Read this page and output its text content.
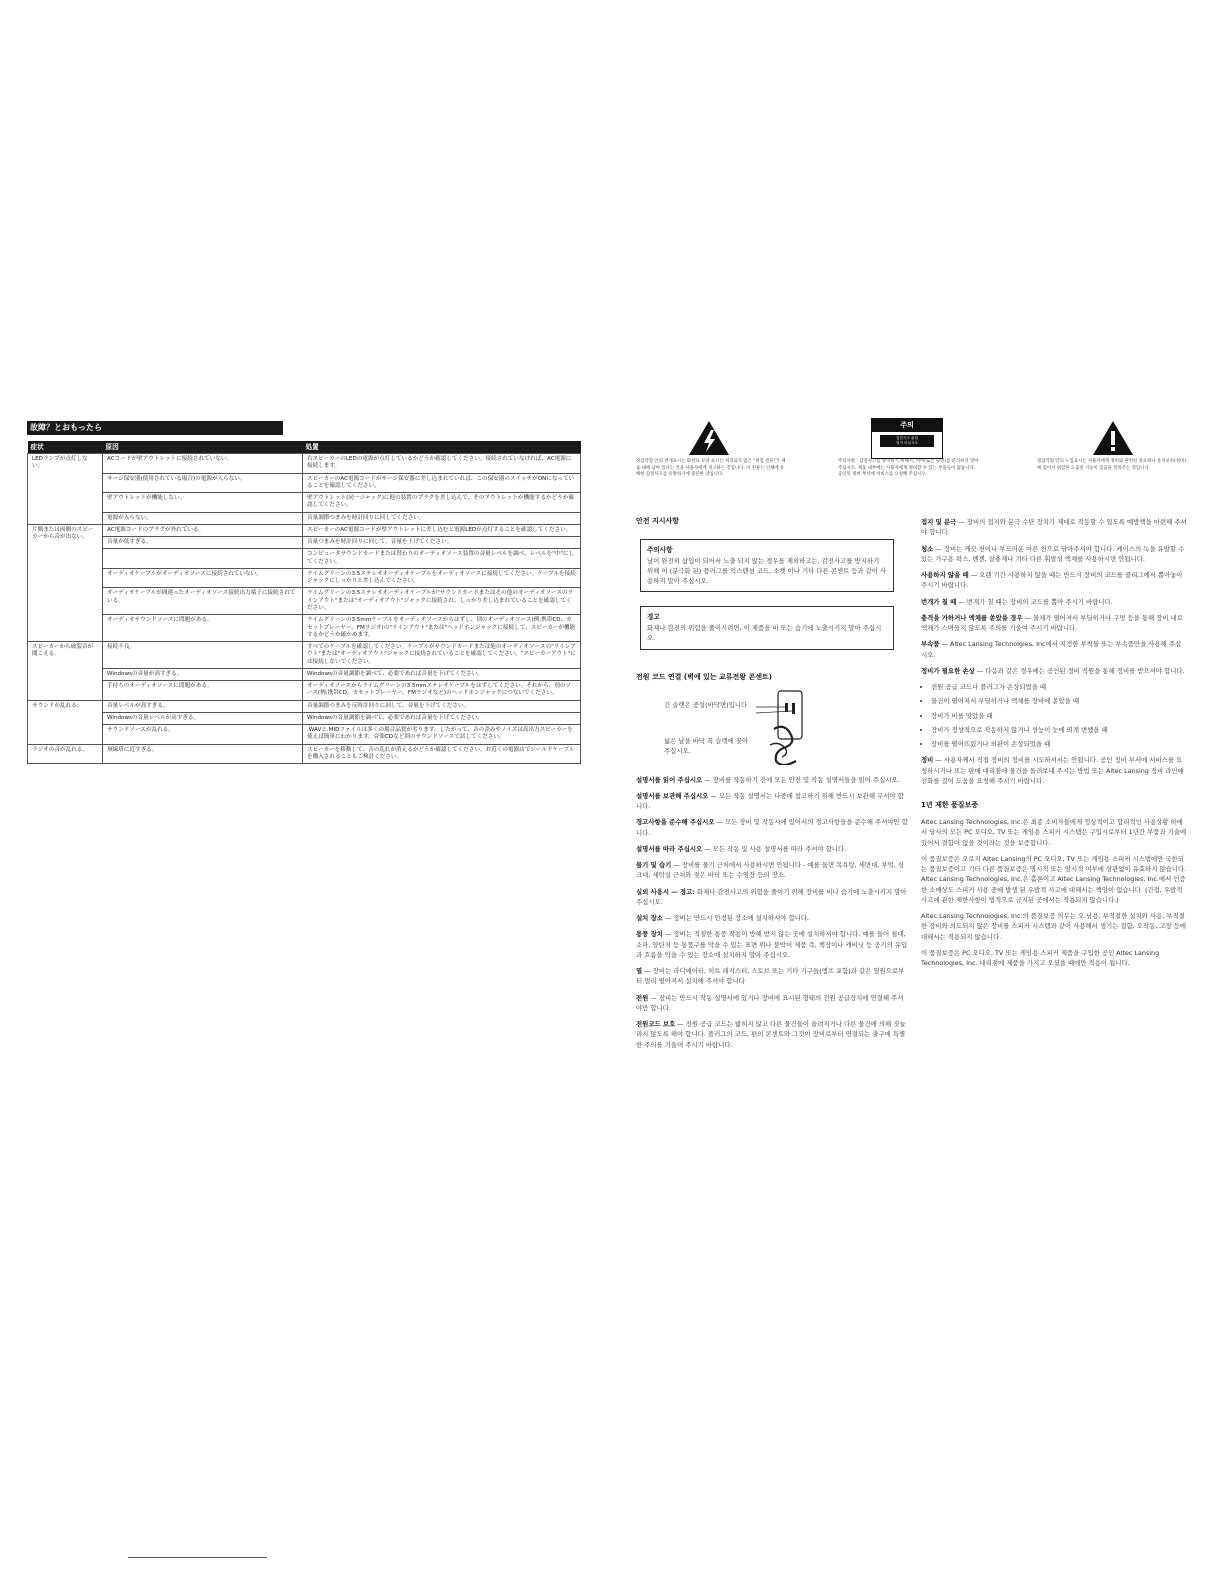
故障？とおもったら
症状	原因	処置
LEDランプが点灯しない。	ACコードが壁アウトレットに接続されていない。	右スピーカーのLEDの電源が点灯しているかどうか確認してください。接続されていなければ、AC電源に接続します。
	サージ保安器(使用されている場合)の電源が入らない。	スピーカーのAC電源コードがサージ保安器に差し込まれていれば、この保安器のスイッチがONになっていることを確認してください。
	壁アウトレットが機能しない。	壁アウトレット(同一ジャック)に他の装置のプラグを差し込んで、そのアウトレットが機能するかどうか確認してください。
	電源が入らない。	音量調節つまみを時計回りに回してください。
片側または両側のスピーカーから音が出ない。	AC電源コードのプラグが外れている。	スピーカーのAC電源コードが壁アウトレットに差し込むと電源LEDが点灯することを確認してください。
	音量が低すぎる。	音量つまみを時計回りに回して、音量を上げてください。
		コンピュータサウンドカードまたは替わりのオーディオソース装置の音量レベルを調べ、レベルを"中"にしてください。
	オーディオケーブルがオーディオソースに接続されていない。	ライムグリーンの3.5ステレオオーディオケーブルをオーディオソースに接続してください。ケーブルを接続ジャックにしっかりと差し込んでください。
	オーディオケーブルが間違ったオーディオソース接続出力端子に接続されている。	ライムグリーンの3.5ステレオオーディオケーブルが"サウンドカードまたはその他のオーディオソースのラインアウト"または"オーディオアウト"ジャックに接続され、しっかり差し込まれていることを確認してください。
	オーディオサウンドソースに問題がある。	ライムグリーンの3.5mmケーブルをオーディオソースからはずし、別のオーディオソース(例:携帯CD、カセットプレーヤー、FMラジオ)の"ラインアウト"または"ヘッドホンジャックに接続して、スピーカーが機能するかどうか確かめます。
スピーカーから破裂音が聞こえる。	接続不良。	すべてのケーブルを確認してください。ケーブルがサウンドカードまたは他のオーディオソースの"ラインアウト"または"オーディオアウト"ジャックに接続されていることを確認してください。"スピーカーアウト"には接続しないでください。
	Windowsの音量が高すぎる。	Windowsの音量調節を調べて、必要であれば音量を下げてください。
	手持ちのオーディオソースに問題がある。	オーディオソースからライムグリーンの3.5mmステレオケーブルをはずしてください。それから、別のソース(例:携帯CD、カセットプレーヤー、FMラジオなど)のヘッドホンジャックにつないでください。
サウンドが乱れる。	音量レベルが高すぎる。	音量調節つまみを反時計回りに回して、音量を下げてください。
	Windowsの音量レベルが高すぎる。	Windowsの音量調節を調べて、必要であれば音量を下げてください。
	サウンドソースが乱れる。	.WAVと.MIDファイルは多くの場合品質が劣ります。したがって、音の歪みやノイズは高出力スピーカーを使えば簡単にわかります。音楽CDなど別のサウンドソースで試してください。
ラジオの音が乱れる。	無線塔に近すぎる。	スピーカーを移動して、音の乱れが消えるかどうか確認してください。お近くの電器店でシールドケーブルを購入されることもご検討ください。
정삼각형 안의 번개표시는 화살표 모양 표시는 처리되지 않은 "위험 전류"가 제품 내에 남아 있다는 것을 사용자에게 경고하는 것입니다. 이 전류는 인체에 유해한 감전사고를 유발하기에 충분한 양입니다.
주의
감전사고 위험
열지 마십시오
주의사항 : 감전사고를 방지하기 위해서, 커버(또는 뒷면)를 분리하지 말아 주십시오. 제품 내부에는 사용자에게 정비할 수 있는 부품들이 없습니다. 공인된 정비 부서에 서비스를 요청해 주십시오.
정삼각형 안의 느낌표시는 사용자에게 정비와 관련된 중요하나 유지보수(정비)에 있어서 위험한 도움말 기능이 있음을 알려주는 것입니다.
안전 지시사항
주의사항
날이 완전히 삽입이 되어서 노출 되지 않는 경우를 제외하고는, 감전사고를 방지하기 위해 이 (분극화 된) 플러그를 익스텐션 코드, 소켓 이나 기타 다른 콘센트 등과 같이 사용하지 말아 주십시오.
경고
화재나 감전의 위험을 줄이시려면, 이 제품을 비 또는 습기에 노출시키지 말아 주십시오.
전원 코드 연결 (벽에 있는 교류전왕 콘센트)
긴 슬랫은 중성(바닥면)입니다
넓은 날을 바닥 폭 슬랫에 꽂아 주십시오.
설명서를 읽어 주십시오 — 장비를 작동하기 전에 모든 안전 및 작동 설명서들을 읽어 주십시오.
설명서를 보관해 주십시오 — 모든 작동 설명서는 나중에 참고하기 위해 반드시 보관해 두셔야 합니다.
경고사항을 준수해 주십시오 — 모든 장비 및 작동시에 있어서의 경고사항들을 준수해 주셔야만 합니다.
설명서를 따라 주십시오 — 모든 작동 및 사용 설명서를 따라 주셔야 합니다.
물기 및 습기 — 장비를 물기 근처에서 사용하시면 안됩니다 - 예를 들면 목욕탕, 세면대, 부엌, 싱크대, 세탁실 근처와 젖은 바닥 또는 수영장 등의 장소.
실외 사용시 — 경고: 화재나 감전사고의 위험을 줄이기 위해 장비를 비나 습기에 노출시키지 말아 주십시오.
설치 장소 — 장비는 반드시 안정된 장소에 설치하셔야 합니다.
통풍 장치 — 장비는 적절한 통풍 작용이 방해 받지 않는 곳에 설치하셔야 합니다. 예를 들어 침대, 소파, 양탄지 등 통풍구를 막을 수 있는 표면 위나 붙박이 제품 즉, 책장이나 캐비닛 등 공기의 유입과 흐름을 막을 수 있는 장소에 설치하지 말아 주십시오.
열 — 장비는 라디에이터, 히트 레지스터, 스토브 또는 기타 기구들(앰프 포함)과 같은 열원으로부터 멀리 떨어져서 설치해 주셔야 합니다
전원 — 장비는 반드시 작동 설명서에 있거나 장비에 표시된 형태의 전원 공급장치에 연결해 주셔야만 합니다.
전원코드 보호 — 전원 공급 코드는 밟히지 않고 다른 물건들이 올려지거나 다른 물건에 의해 짓눌리지 않도록 해야 합니다. 플러그의 코드, 편의 콘센트와 그것이 장비로부터 연결되는 출구에 특별한 주의를 기울여 주시기 바랍니다.
접지 및 분극 — 장비의 접지와 분극 수단 장치가 제대로 작동할 수 있도록 예방책을 마련해 주셔야 합니다.
청소 — 장비는 깨끗 천이나 부드러운 마른 천으로 닦아주셔야 합니다. 케이스의 녹을 유발할 수 있는 가구용 왁스, 벤젠, 살충제나 기타 다른 휘발성 액체를 사용하시면 안됩니다.
사용하지 않을 때 — 오랜 기간 사용하지 않을 때는 반드시 장비의 코드를 콜리그에서 뽑아놓아 주시기 바랍니다.
번개가 칠 때 — 번개가 칠 때는 장비의 코드를 뽑아 주시기 바랍니다.
충격을 가하거나 액체를 쏟았을 경우 — 물체가 떨어져서 부딪히거나 구멍 등을 통해 장비 내로 액체가 스며들지 않도록 주의를 기울여 주시기 바랍니다.
부속품 — Altec Lansing Technolgies, Inc에서 지정한 부착물 또는 부속품만을 사용해 주십시오.
정비가 필요한 손상 — 다음과 같은 경우에는 공인된 정비 직원을 통해 정비를 받으셔야 합니다.
• 전원 공급 코드나 플러그가 손상되었을 때
• 물건이 떨어져서 부딪히거나 액체를 장비에 쏟았을 때
• 장비가 비를 맞았을 때
• 장비가 정상적으로 작동하지 않거나 성능이 눈에 띄게 변했을 때
• 장비를 떨어뜨렸거나 외관이 손상되었을 때
정비 — 사용자께서 직접 장비의 정비를 시도하셔서는 안됩니다. 공인 정비 부서에 서비스를 요청하시거나 또는 판매 대리점에 물건을 돌려보내 주시는 방법 또는 Altec Lansing 정비 라인에 전화를 걸어 도움을 요청해 주시기 바랍니다.
1년 제한 품질보증
Altec Lansing Technologies, Inc.은 최종 소비자들에게 정상적이고 합리적인 사용상황 하에서 당사의 모든 PC 오디오, TV 또는 게임용 스피커 시스템은 구입시로부터 1년간 부품과 기술에 있어서 결함이 없을 것이라는 것을 보증합니다.
이 품질보증은 오로지 Altec Lansing의 PC 오디오, TV 또는 게임용 스피커 시스템에만 국한되는 품질보증이고 기타 다른 품질보증은 명시적 또는 암시적 여부에 상관없이 유효하지 않습니다. Altec Lansing Technologies, Inc.은 홀론이고 Altec Lansing Technologies, Inc.에서 인증한 소매상도 스피커 사용 중에 발생 된 우발적 사고에 대해서는 책임이 없습니다. (간접, 우발적 사고에 관한 제한사항이 법적으로 금지된 곳에서는 적용되지 않습니다.)
Altec Lansing Technologies, Inc.의 품질보증 의무는 오.남용, 부적절한 설치와 사용, 부적절한 장비와 의도되지 않은 장비를 스피커 시스템과 같이 사용해서 생기는 결함, 오작동, 고장 등에 대해서는 적용되지 않습니다.
이 품질보증은 PC 오디오, TV 또는 게임용 스피커 제품을 구입한 공인 Altec Lansing Technologies, Inc. 대리점에 제품을 가지고 오셨을 때에만 적용이 됩니다.
